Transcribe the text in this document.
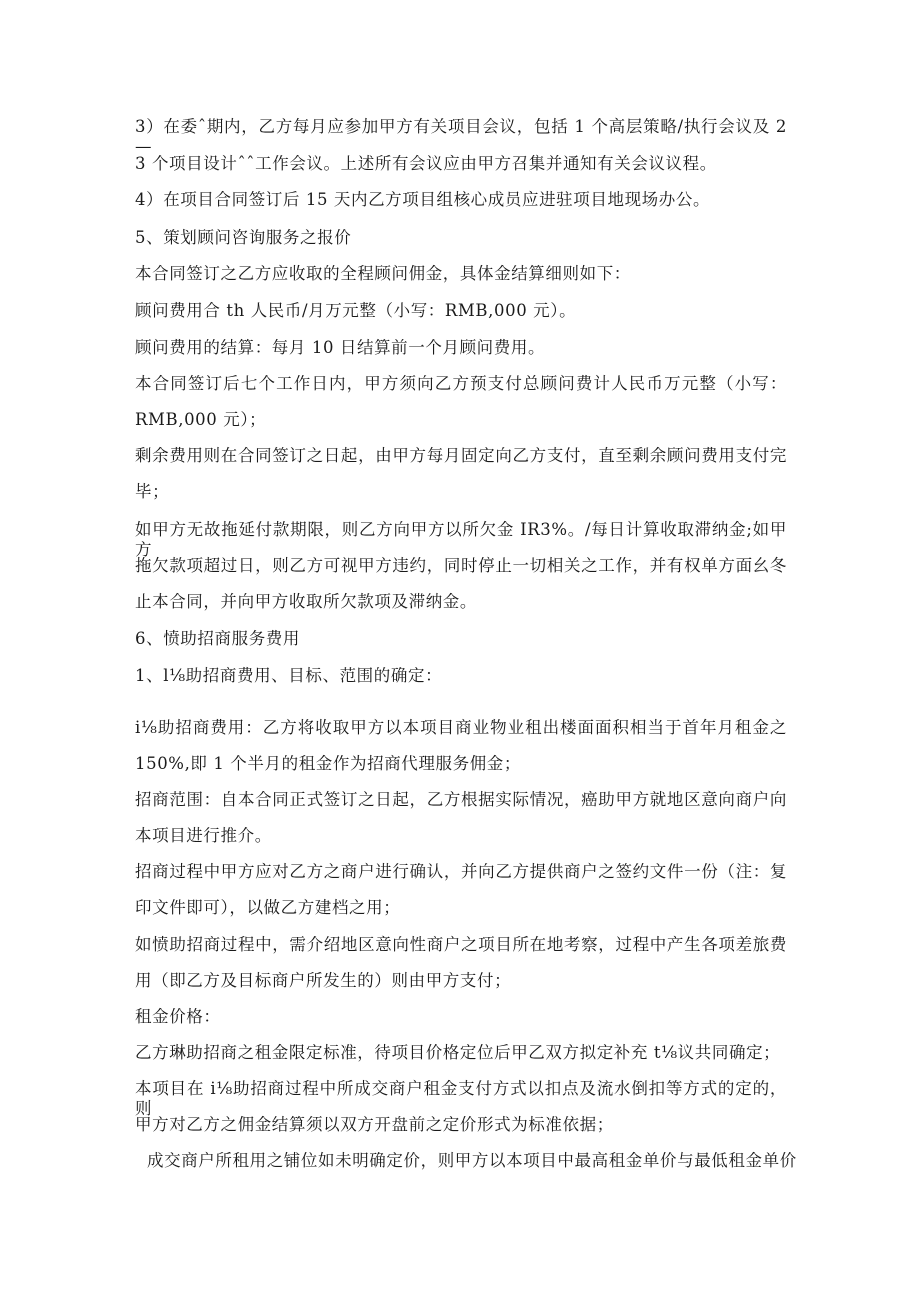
3）在委ˆ期内，乙方每月应参加甲方有关项目会议，包括 1 个高层策略/执行会议及 2—
3 个项目设计ˆˆ工作会议。上述所有会议应由甲方召集并通知有关会议议程。
4）在项目合同签订后 15 天内乙方项目组核心成员应进驻项目地现场办公。
5、策划顾问咨询服务之报价
本合同签订之乙方应收取的全程顾问佣金，具体金结算细则如下：
顾问费用合 th 人民币/月万元整（小写：RMB,000 元）。
顾问费用的结算：每月 10 日结算前一个月顾问费用。
本合同签订后七个工作日内，甲方须向乙方预支付总顾问费计人民币万元整（小写：
RMB,000 元）；
剩余费用则在合同签订之日起，由甲方每月固定向乙方支付，直至剩余顾问费用支付完
毕；
如甲方无故拖延付款期限，则乙方向甲方以所欠金 IR3%。/每日计算收取滞纳金;如甲方
拖欠款项超过日，则乙方可视甲方违约，同时停止一切相关之工作，并有权单方面幺冬
止本合同，并向甲方收取所欠款项及滞纳金。
6、愤助招商服务费用
1、l⅛助招商费用、目标、范围的确定：
i⅛助招商费用：乙方将收取甲方以本项目商业物业租出楼面面积相当于首年月租金之
150%,即 1 个半月的租金作为招商代理服务佣金；
招商范围：自本合同正式签订之日起，乙方根据实际情况，癌助甲方就地区意向商户向
本项目进行推介。
招商过程中甲方应对乙方之商户进行确认，并向乙方提供商户之签约文件一份（注：复
印文件即可），以做乙方建档之用；
如愤助招商过程中，需介绍地区意向性商户之项目所在地考察，过程中产生各项差旅费
用（即乙方及目标商户所发生的）则由甲方支付；
租金价格：
乙方琳助招商之租金限定标准，待项目价格定位后甲乙双方拟定补充 t⅛议共同确定；
本项目在 i⅛助招商过程中所成交商户租金支付方式以扣点及流水倒扣等方式的定的，则
甲方对乙方之佣金结算须以双方开盘前之定价形式为标准依据；
成交商户所租用之铺位如未明确定价，则甲方以本项目中最高租金单价与最低租金单价
